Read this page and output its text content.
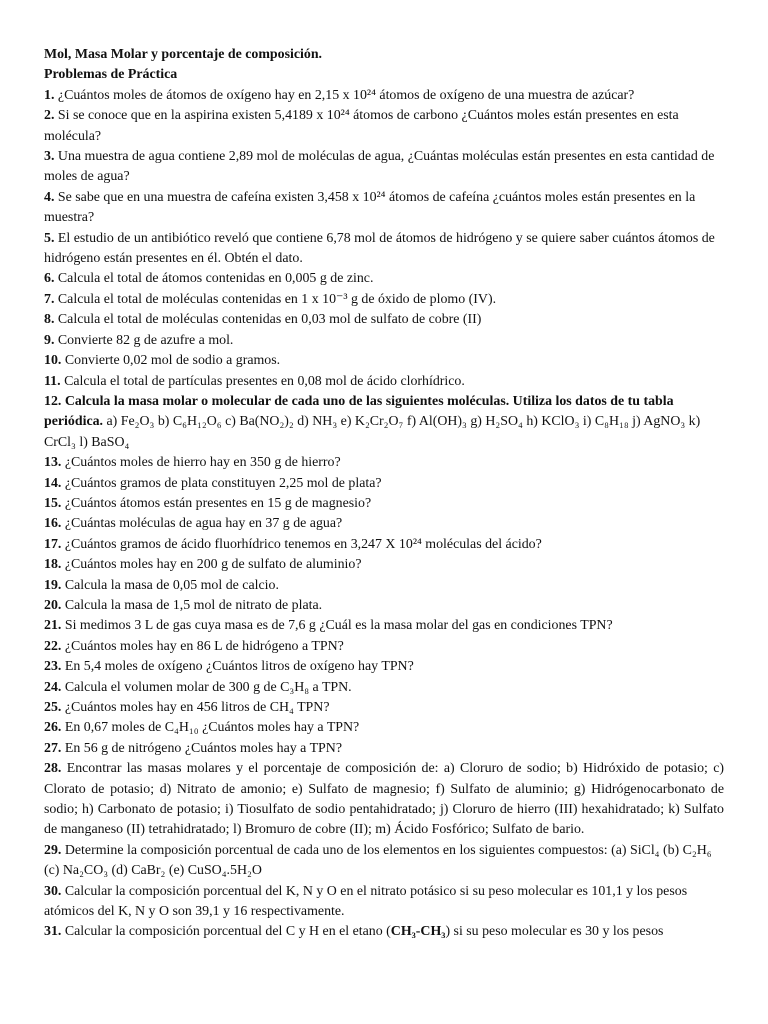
Mol, Masa Molar y porcentaje de composición.

Problemas de Práctica

1. ¿Cuántos moles de átomos de oxígeno hay en 2,15 x 10²⁴ átomos de oxígeno de una muestra de azúcar?

2. Si se conoce que en la aspirina existen 5,4189 x 10²⁴ átomos de carbono ¿Cuántos moles están presentes en esta molécula?

3. Una muestra de agua contiene 2,89 mol de moléculas de agua, ¿Cuántas moléculas están presentes en esta cantidad de moles de agua?

4. Se sabe que en una muestra de cafeína existen 3,458 x 10²⁴ átomos de cafeína ¿cuántos moles están presentes en la muestra?

5. El estudio de un antibiótico reveló que contiene 6,78 mol de átomos de hidrógeno y se quiere saber cuántos átomos de hidrógeno están presentes en él. Obtén el dato.

6. Calcula el total de átomos contenidas en 0,005 g de zinc.

7. Calcula el total de moléculas contenidas en 1 x 10⁻³ g de óxido de plomo (IV).

8. Calcula el total de moléculas contenidas en 0,03 mol de sulfato de cobre (II)

9. Convierte 82 g de azufre a mol.

10. Convierte 0,02 mol de sodio a gramos.

11. Calcula el total de partículas presentes en 0,08 mol de ácido clorhídrico.

12. Calcula la masa molar o molecular de cada uno de las siguientes moléculas. Utiliza los datos de tu tabla periódica. a) Fe₂O₃ b) C₆H₁₂O₆ c) Ba(NO₂)₂ d) NH₃ e) K₂Cr₂O₇ f) Al(OH)₃ g) H₂SO₄ h) KClO₃ i) C₈H₁₈ j) AgNO₃ k) CrCl₃ l) BaSO₄

13. ¿Cuántos moles de hierro hay en 350 g de hierro?

14. ¿Cuántos gramos de plata constituyen 2,25 mol de plata?

15. ¿Cuántos átomos están presentes en 15 g de magnesio?

16. ¿Cuántas moléculas de agua hay en 37 g de agua?

17. ¿Cuántos gramos de ácido fluorhídrico tenemos en 3,247 X 10²⁴ moléculas del ácido?

18. ¿Cuántos moles hay en 200 g de sulfato de aluminio?

19. Calcula la masa de 0,05 mol de calcio.

20. Calcula la masa de 1,5 mol de nitrato de plata.

21. Si medimos 3 L de gas cuya masa es de 7,6 g ¿Cuál es la masa molar del gas en condiciones TPN?

22. ¿Cuántos moles hay en 86 L de hidrógeno a TPN?

23. En 5,4 moles de oxígeno ¿Cuántos litros de oxígeno hay TPN?

24. Calcula el volumen molar de 300 g de C₃H₈ a TPN.

25. ¿Cuántos moles hay en 456 litros de CH₄ TPN?

26. En 0,67 moles de C₄H₁₀ ¿Cuántos moles hay a TPN?

27. En 56 g de nitrógeno ¿Cuántos moles hay a TPN?

28. Encontrar las masas molares y el porcentaje de composición de: a) Cloruro de sodio; b) Hidróxido de potasio; c) Clorato de potasio; d) Nitrato de amonio; e) Sulfato de magnesio; f) Sulfato de aluminio; g) Hidrógenocarbonato de sodio; h) Carbonato de potasio; i) Tiosulfato de sodio pentahidratado; j) Cloruro de hierro (III) hexahidratado; k) Sulfato de manganeso (II) tetrahidratado; l) Bromuro de cobre (II); m) Ácido Fosfórico; Sulfato de bario.

29. Determine la composición porcentual de cada uno de los elementos en los siguientes compuestos: (a) SiCl₄ (b) C₂H₆ (c) Na₂CO₃ (d) CaBr₂ (e) CuSO₄.5H₂O

30. Calcular la composición porcentual del K, N y O en el nitrato potásico si su peso molecular es 101,1 y los pesos atómicos del K, N y O son 39,1 y 16 respectivamente.

31. Calcular la composición porcentual del C y H en el etano (CH₃-CH₃) si su peso molecular es 30 y los pesos
